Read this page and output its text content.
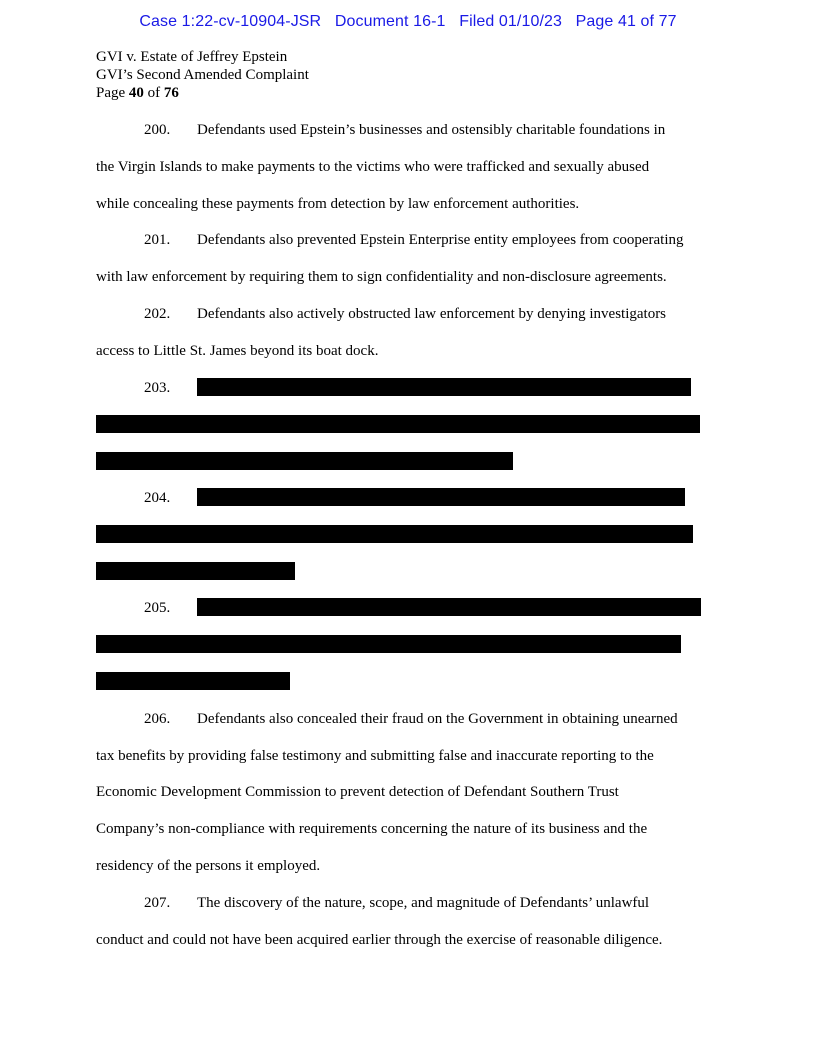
Case 1:22-cv-10904-JSR Document 16-1 Filed 01/10/23 Page 41 of 77
GVI v. Estate of Jeffrey Epstein
GVI’s Second Amended Complaint
Page 40 of 76
200. Defendants used Epstein’s businesses and ostensibly charitable foundations in
the Virgin Islands to make payments to the victims who were trafficked and sexually abused
while concealing these payments from detection by law enforcement authorities.
201. Defendants also prevented Epstein Enterprise entity employees from cooperating
with law enforcement by requiring them to sign confidentiality and non-disclosure agreements.
202. Defendants also actively obstructed law enforcement by denying investigators
access to Little St. James beyond its boat dock.
203.
204.
205.
206. Defendants also concealed their fraud on the Government in obtaining unearned
tax benefits by providing false testimony and submitting false and inaccurate reporting to the
Economic Development Commission to prevent detection of Defendant Southern Trust
Company’s non-compliance with requirements concerning the nature of its business and the
residency of the persons it employed.
207. The discovery of the nature, scope, and magnitude of Defendants’ unlawful
conduct and could not have been acquired earlier through the exercise of reasonable diligence.
